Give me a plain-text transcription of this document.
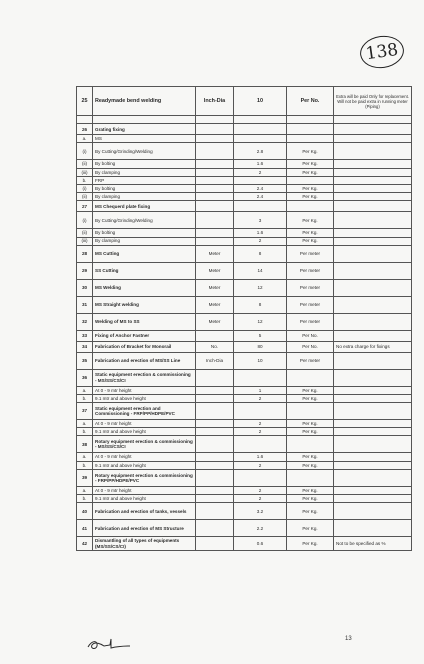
138
25	Readymade bend welding	Inch-Dia	10	Per No.	Extra will be paid Only for replacement. Will not be paid extra in running meter (Piping)

26	Grating fixing				
a.	MS				
(i)	By Cutting/Grinding/Welding		2.8	Per Kg.	
(ii)	By bolting		1.6	Per Kg.	
(iii)	By clamping		2	Per Kg.	
b.	FRP				
(i)	By bolting		2.4	Per Kg.	
(ii)	By clamping		2.4	Per Kg.	
27	MS Chequerd plate fixing				
(i)	By Cutting/Grinding/Welding		3	Per Kg.	
(ii)	By bolting		1.6	Per Kg.	
(iii)	By clamping		2	Per Kg.	
28	MS Cutting	Meter	8	Per meter	
29	SS Cutting	Meter	14	Per meter	
30	MS Welding	Meter	12	Per meter	
31	MS Straight welding	Meter	8	Per meter	
32	Welding of MS to SS	Meter	12	Per meter	
33	Fixing of Anchor Fastner		5	Per No.	
34	Fabrication of Bracket for Monorail	No.	80	Per No.	No extra charge for fixings
35	Fabrication and erection of MS/SS Line	Inch-Dia	10	Per meter	
36	Static equipment erection & commissioning - MS/SS/CS/CI				
a.	At 0 - 9 mtr height		1	Per Kg.	
b.	9.1 mtr and above height		2	Per Kg.	
37	Static equipment erection and Commissioning - FRP/PP/HDPE/PVC				
a.	At 0 - 9 mtr height		2	Per Kg.	
b.	9.1 mtr and above height		2	Per Kg.	
38	Rotary equipment erection & commissioning - MS/SS/CS/CI				
a.	At 0 - 9 mtr height		1.6	Per Kg.	
b.	9.1 mtr and above height		2	Per Kg.	
39	Rotary equipment erection & commissioning - FRP/PP/HDPE/PVC				
a.	At 0 - 9 mtr height		2	Per Kg.	
b.	9.1 mtr and above height		2	Per Kg.	
40	Fabrication and erection of tanks, vessels		3.2	Per Kg.	
41	Fabrication and erection of MS Structure		2.2	Per Kg.	
42	Dismantling of all types of equipments (MS/SS/CS/CI)		0.6	Per Kg.	Not to be specified as %
13
